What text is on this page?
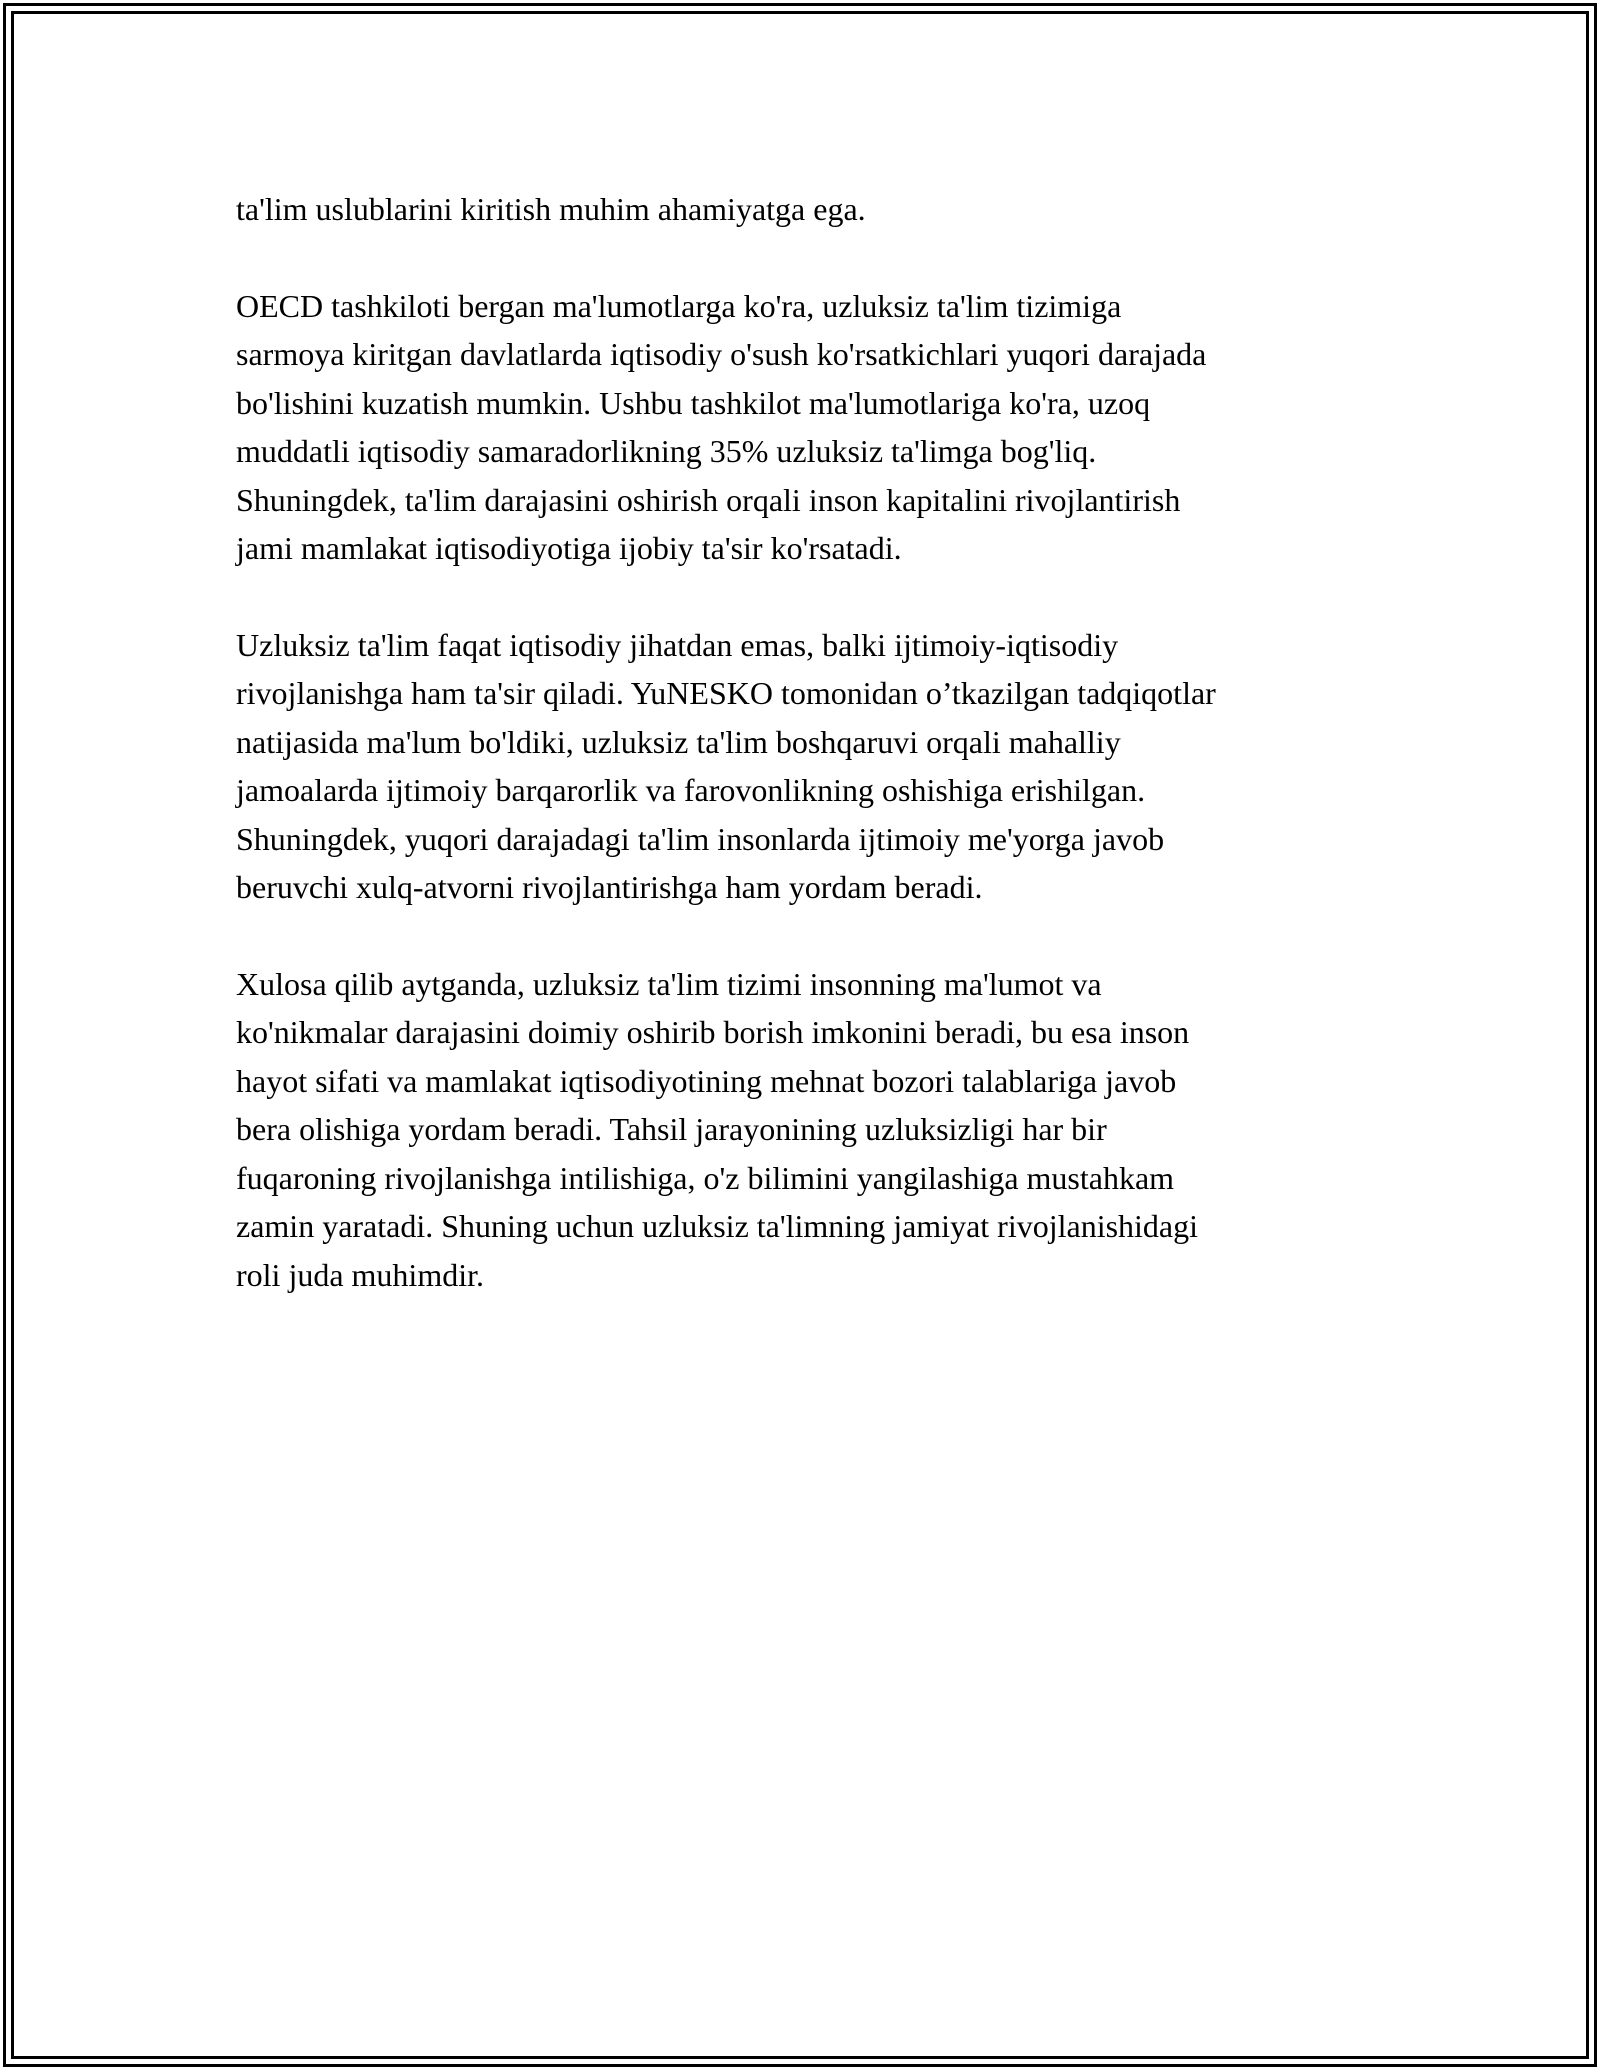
ta'lim uslublarini kiritish muhim ahamiyatga ega.

OECD tashkiloti bergan ma'lumotlarga ko'ra, uzluksiz ta'lim tizimiga
sarmoya kiritgan davlatlarda iqtisodiy o'sush ko'rsatkichlari yuqori darajada
bo'lishini kuzatish mumkin. Ushbu tashkilot ma'lumotlariga ko'ra, uzoq
muddatli iqtisodiy samaradorlikning 35% uzluksiz ta'limga bog'liq.
Shuningdek, ta'lim darajasini oshirish orqali inson kapitalini rivojlantirish
jami mamlakat iqtisodiyotiga ijobiy ta'sir ko'rsatadi.

Uzluksiz ta'lim faqat iqtisodiy jihatdan emas, balki ijtimoiy-iqtisodiy
rivojlanishga ham ta'sir qiladi. YuNESKO tomonidan o’tkazilgan tadqiqotlar
natijasida ma'lum bo'ldiki, uzluksiz ta'lim boshqaruvi orqali mahalliy
jamoalarda ijtimoiy barqarorlik va farovonlikning oshishiga erishilgan.
Shuningdek, yuqori darajadagi ta'lim insonlarda ijtimoiy me'yorga javob
beruvchi xulq-atvorni rivojlantirishga ham yordam beradi.

Xulosa qilib aytganda, uzluksiz ta'lim tizimi insonning ma'lumot va
ko'nikmalar darajasini doimiy oshirib borish imkonini beradi, bu esa inson
hayot sifati va mamlakat iqtisodiyotining mehnat bozori talablariga javob
bera olishiga yordam beradi. Tahsil jarayonining uzluksizligi har bir
fuqaroning rivojlanishga intilishiga, o'z bilimini yangilashiga mustahkam
zamin yaratadi. Shuning uchun uzluksiz ta'limning jamiyat rivojlanishidagi
roli juda muhimdir.
